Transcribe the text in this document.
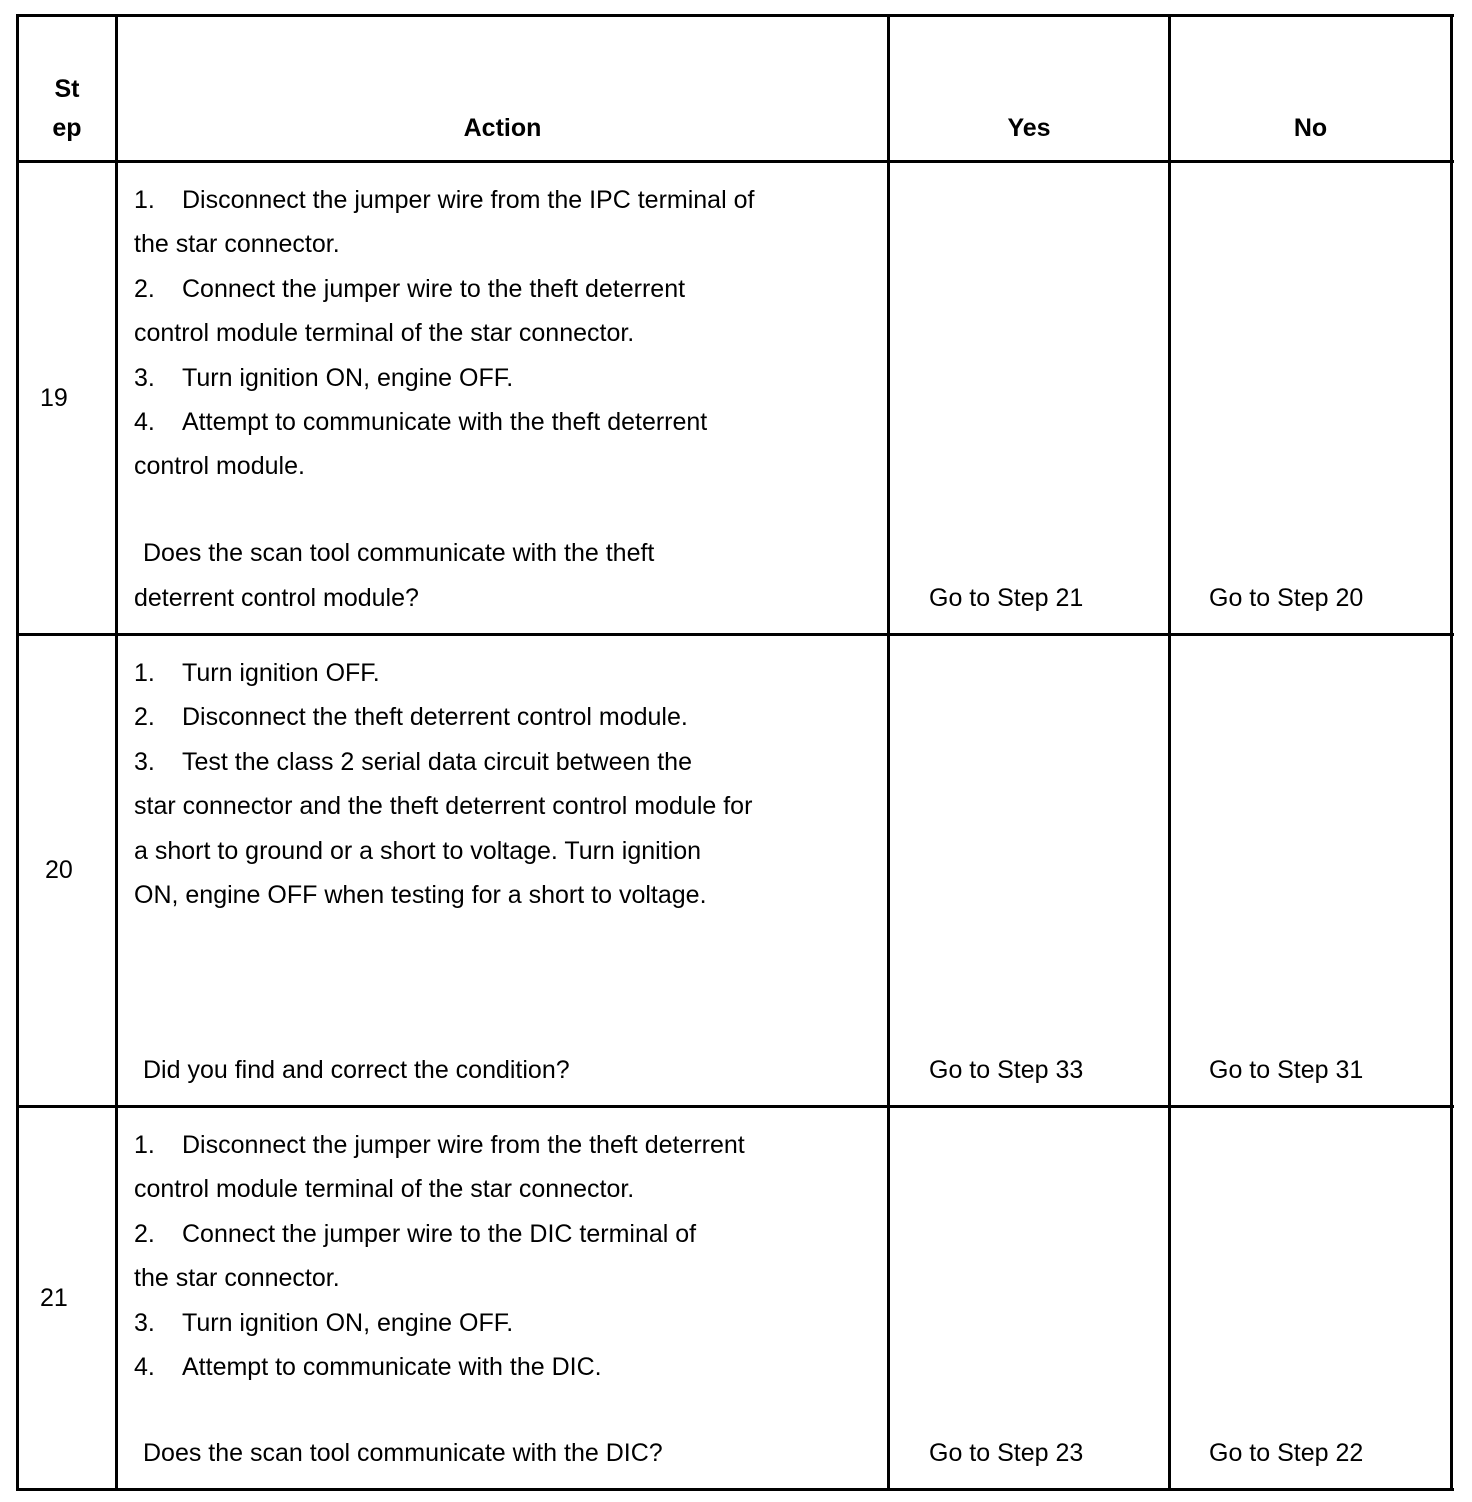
St
ep	Action	Yes	No
19
1. Disconnect the jumper wire from the IPC terminal of
the star connector.
2. Connect the jumper wire to the theft deterrent
control module terminal of the star connector.
3. Turn ignition ON, engine OFF.
4. Attempt to communicate with the theft deterrent
control module.
Does the scan tool communicate with the theft
deterrent control module?	Go to Step 21	Go to Step 20
20
1. Turn ignition OFF.
2. Disconnect the theft deterrent control module.
3. Test the class 2 serial data circuit between the
star connector and the theft deterrent control module for
a short to ground or a short to voltage. Turn ignition
ON, engine OFF when testing for a short to voltage.
Did you find and correct the condition?	Go to Step 33	Go to Step 31
21
1. Disconnect the jumper wire from the theft deterrent
control module terminal of the star connector.
2. Connect the jumper wire to the DIC terminal of
the star connector.
3. Turn ignition ON, engine OFF.
4. Attempt to communicate with the DIC.
Does the scan tool communicate with the DIC?	Go to Step 23	Go to Step 22
